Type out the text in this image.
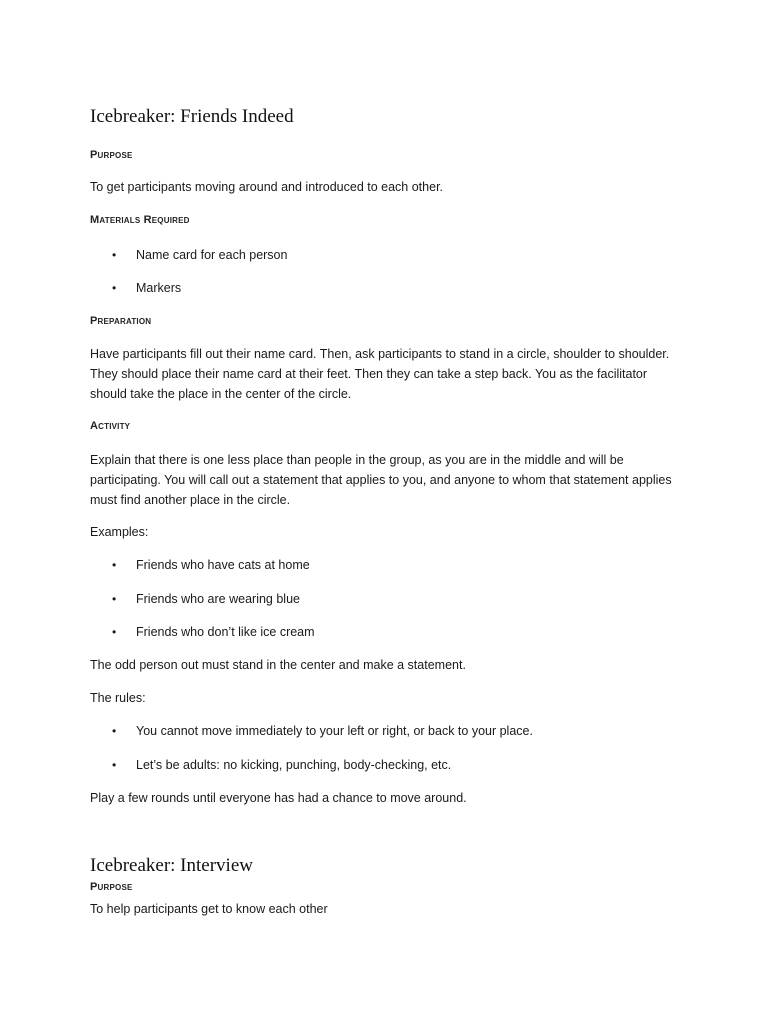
Icebreaker: Friends Indeed
Purpose
To get participants moving around and introduced to each other.
Materials Required
• Name card for each person
• Markers
Preparation
Have participants fill out their name card. Then, ask participants to stand in a circle, shoulder to shoulder. They should place their name card at their feet. Then they can take a step back. You as the facilitator should take the place in the center of the circle.
Activity
Explain that there is one less place than people in the group, as you are in the middle and will be participating. You will call out a statement that applies to you, and anyone to whom that statement applies must find another place in the circle.
Examples:
• Friends who have cats at home
• Friends who are wearing blue
• Friends who don’t like ice cream
The odd person out must stand in the center and make a statement.
The rules:
• You cannot move immediately to your left or right, or back to your place.
• Let’s be adults: no kicking, punching, body-checking, etc.
Play a few rounds until everyone has had a chance to move around.
Icebreaker: Interview
Purpose
To help participants get to know each other
